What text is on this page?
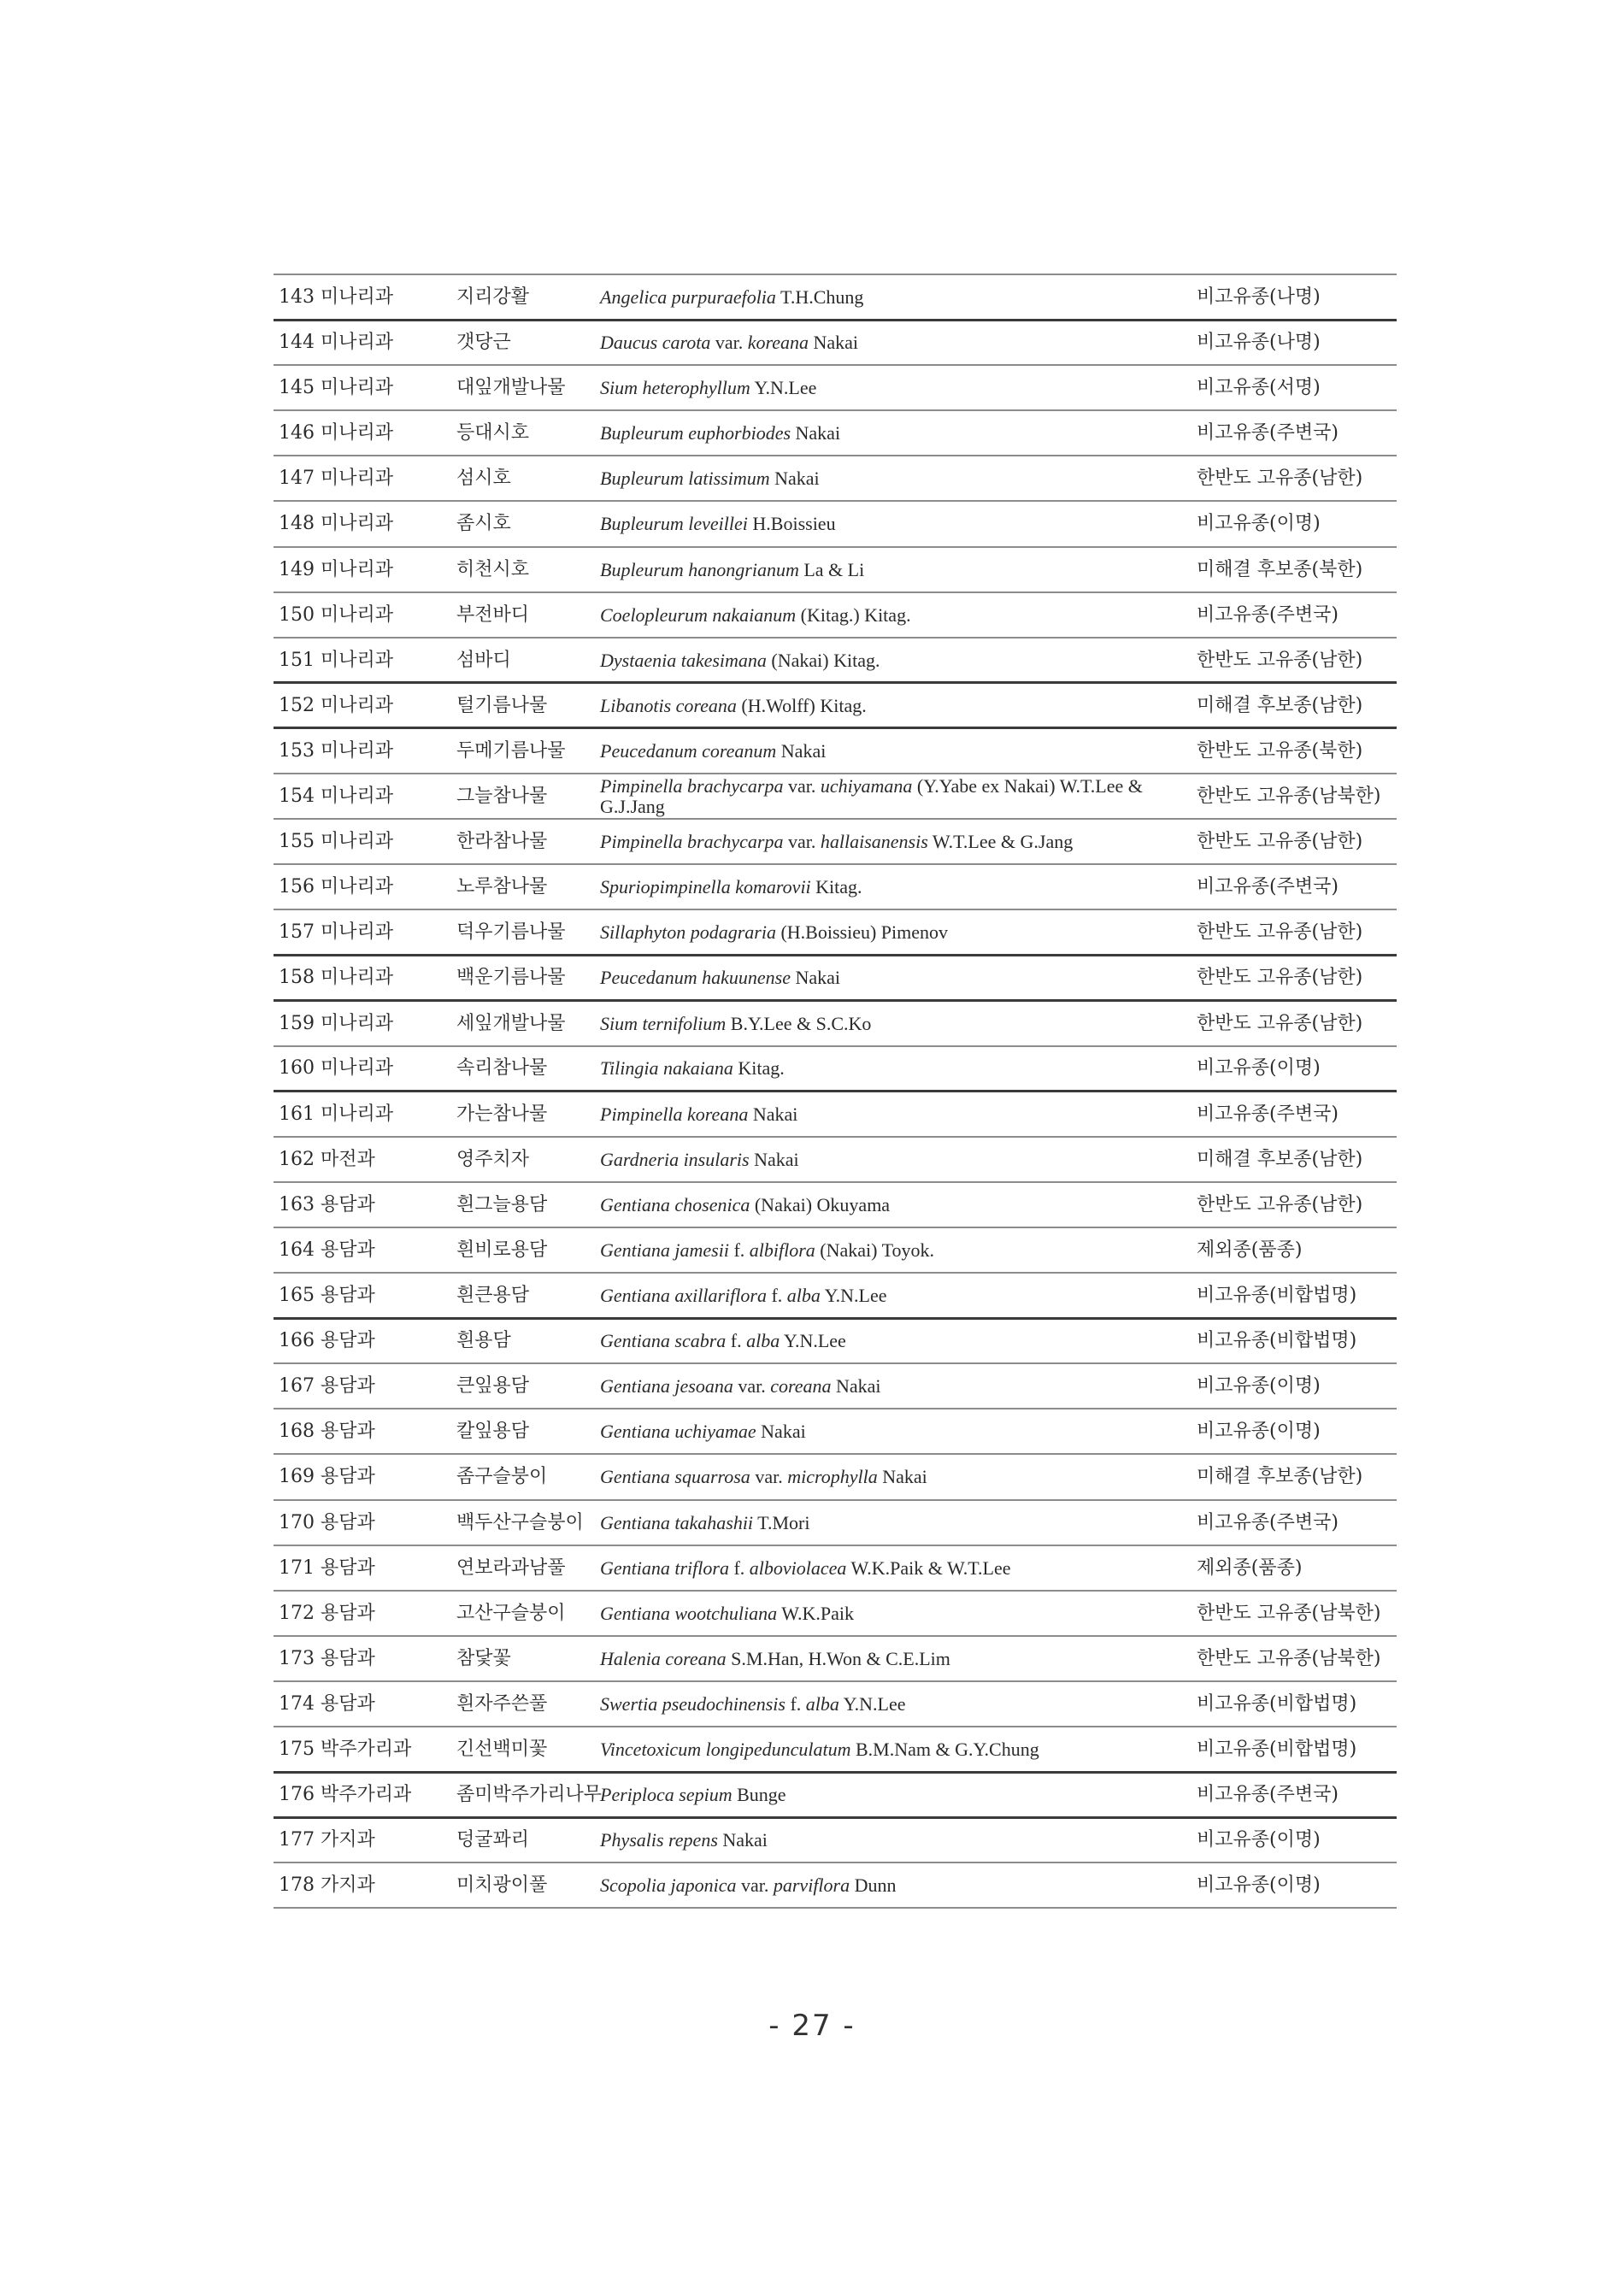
143 미나리과	지리강활	Angelica purpuraefolia T.H.Chung	비고유종(나명)
144 미나리과	갯당근	Daucus carota var. koreana Nakai	비고유종(나명)
145 미나리과	대잎개발나물	Sium heterophyllum Y.N.Lee	비고유종(서명)
146 미나리과	등대시호	Bupleurum euphorbiodes Nakai	비고유종(주변국)
147 미나리과	섬시호	Bupleurum latissimum Nakai	한반도 고유종(남한)
148 미나리과	좀시호	Bupleurum leveillei H.Boissieu	비고유종(이명)
149 미나리과	히천시호	Bupleurum hanongrianum La & Li	미해결 후보종(북한)
150 미나리과	부전바디	Coelopleurum nakaianum (Kitag.) Kitag.	비고유종(주변국)
151 미나리과	섬바디	Dystaenia takesimana (Nakai) Kitag.	한반도 고유종(남한)
152 미나리과	털기름나물	Libanotis coreana (H.Wolff) Kitag.	미해결 후보종(남한)
153 미나리과	두메기름나물	Peucedanum coreanum Nakai	한반도 고유종(북한)
154 미나리과	그늘참나물	Pimpinella brachycarpa var. uchiyamana (Y.Yabe ex Nakai) W.T.Lee & G.J.Jang	한반도 고유종(남북한)
155 미나리과	한라참나물	Pimpinella brachycarpa var. hallaisanensis W.T.Lee & G.Jang	한반도 고유종(남한)
156 미나리과	노루참나물	Spuriopimpinella komarovii Kitag.	비고유종(주변국)
157 미나리과	덕우기름나물	Sillaphyton podagraria (H.Boissieu) Pimenov	한반도 고유종(남한)
158 미나리과	백운기름나물	Peucedanum hakuunense Nakai	한반도 고유종(남한)
159 미나리과	세잎개발나물	Sium ternifolium B.Y.Lee & S.C.Ko	한반도 고유종(남한)
160 미나리과	속리참나물	Tilingia nakaiana Kitag.	비고유종(이명)
161 미나리과	가는참나물	Pimpinella koreana Nakai	비고유종(주변국)
162 마전과	영주치자	Gardneria insularis Nakai	미해결 후보종(남한)
163 용담과	흰그늘용담	Gentiana chosenica (Nakai) Okuyama	한반도 고유종(남한)
164 용담과	흰비로용담	Gentiana jamesii f. albiflora (Nakai) Toyok.	제외종(품종)
165 용담과	흰큰용담	Gentiana axillariflora f. alba Y.N.Lee	비고유종(비합법명)
166 용담과	흰용담	Gentiana scabra f. alba Y.N.Lee	비고유종(비합법명)
167 용담과	큰잎용담	Gentiana jesoana var. coreana Nakai	비고유종(이명)
168 용담과	칼잎용담	Gentiana uchiyamae Nakai	비고유종(이명)
169 용담과	좀구슬붕이	Gentiana squarrosa var. microphylla Nakai	미해결 후보종(남한)
170 용담과	백두산구슬붕이	Gentiana takahashii T.Mori	비고유종(주변국)
171 용담과	연보라과남풀	Gentiana triflora f. alboviolacea W.K.Paik & W.T.Lee	제외종(품종)
172 용담과	고산구슬붕이	Gentiana wootchuliana W.K.Paik	한반도 고유종(남북한)
173 용담과	참닻꽃	Halenia coreana S.M.Han, H.Won & C.E.Lim	한반도 고유종(남북한)
174 용담과	흰자주쓴풀	Swertia pseudochinensis f. alba Y.N.Lee	비고유종(비합법명)
175 박주가리과	긴선백미꽃	Vincetoxicum longipedunculatum B.M.Nam & G.Y.Chung	비고유종(비합법명)
176 박주가리과	좀미박주가리나무	Periploca sepium Bunge	비고유종(주변국)
177 가지과	덩굴꽈리	Physalis repens Nakai	비고유종(이명)
178 가지과	미치광이풀	Scopolia japonica var. parviflora Dunn	비고유종(이명)
- 27 -
